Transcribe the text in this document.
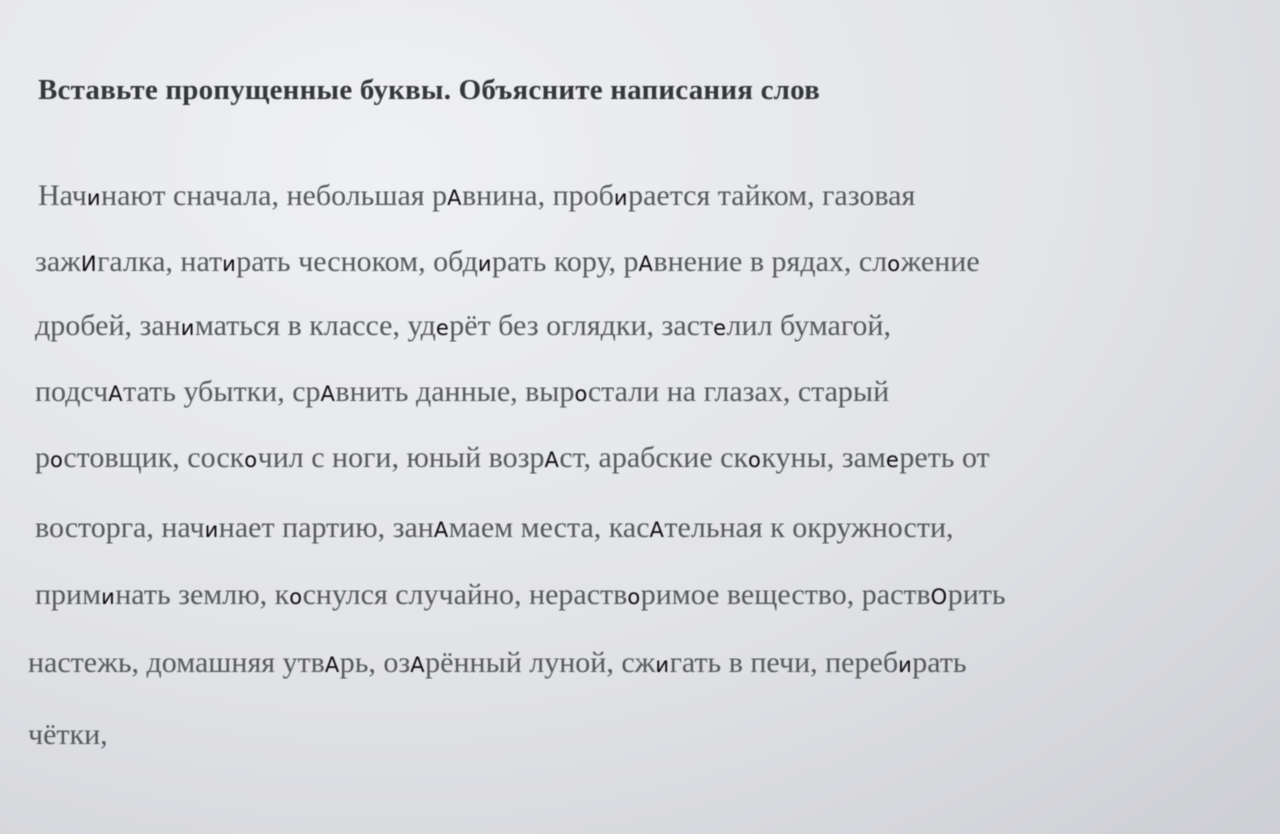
Вставьте пропущенные буквы. Объясните написания слов

Начинают сначала, небольшая рАвнина, пробирается тайком, газовая

зажИгалка, натирать чесноком, обдирать кору, рАвнение в рядах, сложение

дробей, заниматься в классе, удерёт без оглядки, застелил бумагой,

подсчАтать убытки, срАвнить данные, выростали на глазах, старый

ростовщик, соскочил с ноги, юный возрАст, арабские скокуны, замереть от

восторга, начинает партию, занАмаем места, касАтельная к окружности,

приминать землю, коснулся случайно, нерастворимое вещество, раствОрить

настежь, домашняя утвАрь, озАрённый луной, сжигать в печи, перебирать

чётки,
